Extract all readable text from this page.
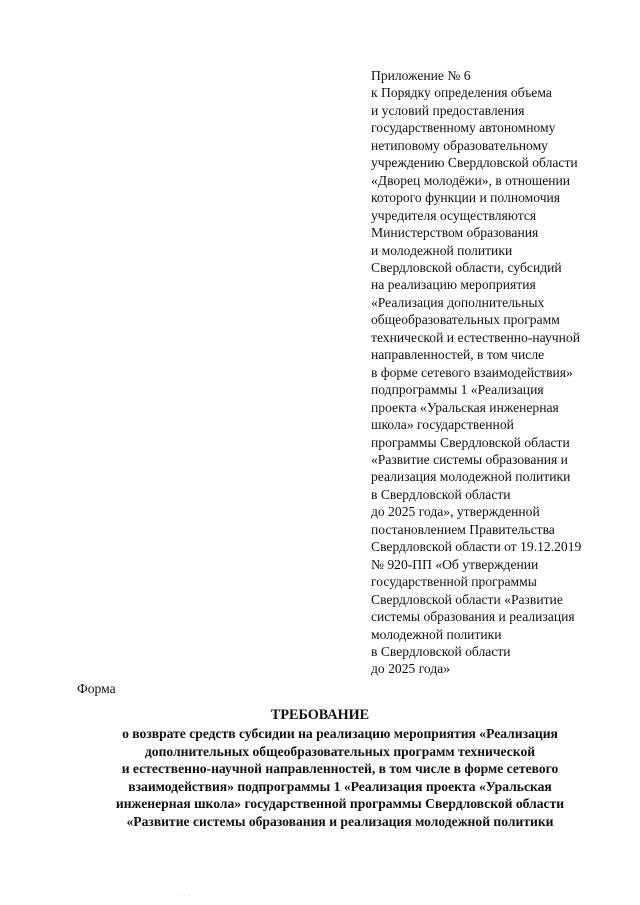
Приложение № 6
к Порядку определения объема
и условий предоставления
государственному автономному
нетиповому образовательному
учреждению Свердловской области
«Дворец молодёжи», в отношении
которого функции и полномочия
учредителя осуществляются
Министерством образования
и молодежной политики
Свердловской области, субсидий
на реализацию мероприятия
«Реализация дополнительных
общеобразовательных программ
технической и естественно-научной
направленностей, в том числе
в форме сетевого взаимодействия»
подпрограммы 1 «Реализация
проекта «Уральская инженерная
школа» государственной
программы Свердловской области
«Развитие системы образования и
реализация молодежной политики
в Свердловской области
до 2025 года», утвержденной
постановлением Правительства
Свердловской области от 19.12.2019
№ 920-ПП «Об утверждении
государственной программы
Свердловской области «Развитие
системы образования и реализация
молодежной политики
в Свердловской области
до 2025 года»
Форма
ТРЕБОВАНИЕ
о возврате средств субсидии на реализацию мероприятия «Реализация
дополнительных общеобразовательных программ технической
и естественно-научной направленностей, в том числе в форме сетевого
взаимодействия» подпрограммы 1 «Реализация проекта «Уральская
инженерная школа» государственной программы Свердловской области
«Развитие системы образования и реализация молодежной политики
· · ·
